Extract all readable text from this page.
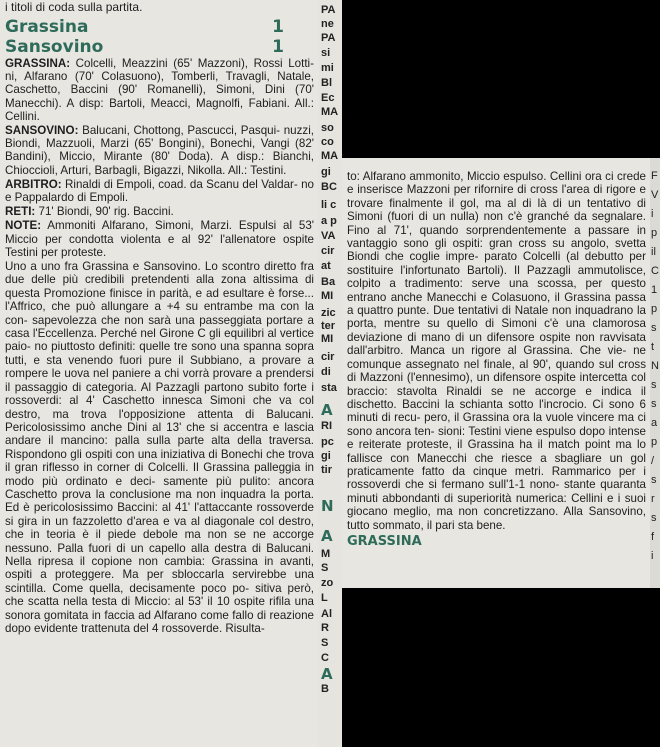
i titoli di coda sulla partita.

Grassina	1
Sansovino	1

GRASSINA: Colcelli, Meazzini (65' Mazzoni), Rossi Lotti- ni, Alfarano (70' Colasuono), Tomberli, Travagli, Natale, Caschetto, Baccini (90' Romanelli), Simoni, Dini (70' Manecchi). A disp: Bartoli, Meacci, Magnolfi, Fabiani. All.: Cellini.

SANSOVINO: Balucani, Chottong, Pascucci, Pasqui- nuzzi, Biondi, Mazzuoli, Marzi (65' Bongini), Bonechi, Vangi (82' Bandini), Miccio, Mirante (80' Doda). A disp.: Bianchi, Chioccioli, Arturi, Barbagli, Bigazzi, Nikolla. All.: Testini.

ARBITRO: Rinaldi di Empoli, coad. da Scanu del Valdar- no e Pappalardo di Empoli.

RETI: 71' Biondi, 90' rig. Baccini.

NOTE: Ammoniti Alfarano, Simoni, Marzi. Espulsi al 53' Miccio per condotta violenta e al 92' l'allenatore ospite Testini per proteste.

Uno a uno fra Grassina e Sansovino. Lo scontro diretto fra due delle più credibili pretendenti alla zona altissima di questa Promozione finisce in parità, e ad esultare è forse... l'Affrico, che può allungare a +4 su entrambe ma con la con- sapevolezza che non sarà una passeggiata portare a casa l'Eccellenza. Perché nel Girone C gli equilibri al vertice paio- no piuttosto definiti: quelle tre sono una spanna sopra tutti, e sta venendo fuori pure il Subbiano, a provare a rompere le uova nel paniere a chi vorrà provare a prendersi il passaggio di categoria. Al Pazzagli partono subito forte i rossoverdi: al 4' Caschetto innesca Simoni che va col destro, ma trova l'opposizione attenta di Balucani. Pericolosissimo anche Dini al 13' che si accentra e lascia andare il mancino: palla sulla parte alta della traversa. Rispondono gli ospiti con una iniziativa di Bonechi che trova il gran riflesso in corner di Colcelli. Il Grassina palleggia in modo più ordinato e deci- samente più pulito: ancora Caschetto prova la conclusione ma non inquadra la porta. Ed è pericolosissimo Baccini: al 41' l'attaccante rossoverde si gira in un fazzoletto d'area e va al diagonale col destro, che in teoria è il piede debole ma non se ne accorge nessuno. Palla fuori di un capello alla destra di Balucani. Nella ripresa il copione non cambia: Grassina in avanti, ospiti a proteggere. Ma per sbloccarla servirebbe una scintilla. Come quella, decisamente poco po- sitiva però, che scatta nella testa di Miccio: al 53' il 10 ospite rifila una sonora gomitata in faccia ad Alfarano come fallo di reazione dopo evidente trattenuta del 4 rossoverde. Risulta-

PA
ne
PA
si
mi
Bl
Ec
MA
so
co
MA
gi
BC
li c
a p
VA
cir
at
Ba
MI
zic
ter
MI
cir
di
sta
A
RI
pc
gi
tir
N
A
M
S
zo
L
Al
R
S
C
A
B

to: Alfarano ammonito, Miccio espulso. Cellini ora ci crede e inserisce Mazzoni per rifornire di cross l'area di rigore e trovare finalmente il gol, ma al di là di un tentativo di Simoni (fuori di un nulla) non c'è granché da segnalare. Fino al 71', quando sorprendentemente a passare in vantaggio sono gli ospiti: gran cross su angolo, svetta Biondi che coglie impre- parato Colcelli (al debutto per sostituire l'infortunato Bartoli). Il Pazzagli ammutolisce, colpito a tradimento: serve una scossa, per questo entrano anche Manecchi e Colasuono, il Grassina passa a quattro punte. Due tentativi di Natale non inquadrano la porta, mentre su quello di Simoni c'è una clamorosa deviazione di mano di un difensore ospite non ravvisata dall'arbitro. Manca un rigore al Grassina. Che vie- ne comunque assegnato nel finale, al 90', quando sul cross di Mazzoni (l'ennesimo), un difensore ospite intercetta col braccio: stavolta Rinaldi se ne accorge e indica il dischetto. Baccini la schianta sotto l'incrocio. Ci sono 6 minuti di recu- pero, il Grassina ora la vuole vincere ma ci sono ancora ten- sioni: Testini viene espulso dopo intense e reiterate proteste, il Grassina ha il match point ma lo fallisce con Manecchi che riesce a sbagliare un gol praticamente fatto da cinque metri. Rammarico per i rossoverdi che si fermano sull'1-1 nono- stante quaranta minuti abbondanti di superiorità numerica: Cellini e i suoi giocano meglio, ma non concretizzano. Alla Sansovino, tutto sommato, il pari sta bene.

GRASSINA

F
V
i
p
il
C
1
p
s
t
N
s
s
a
p
/
s
r
s
f
i
